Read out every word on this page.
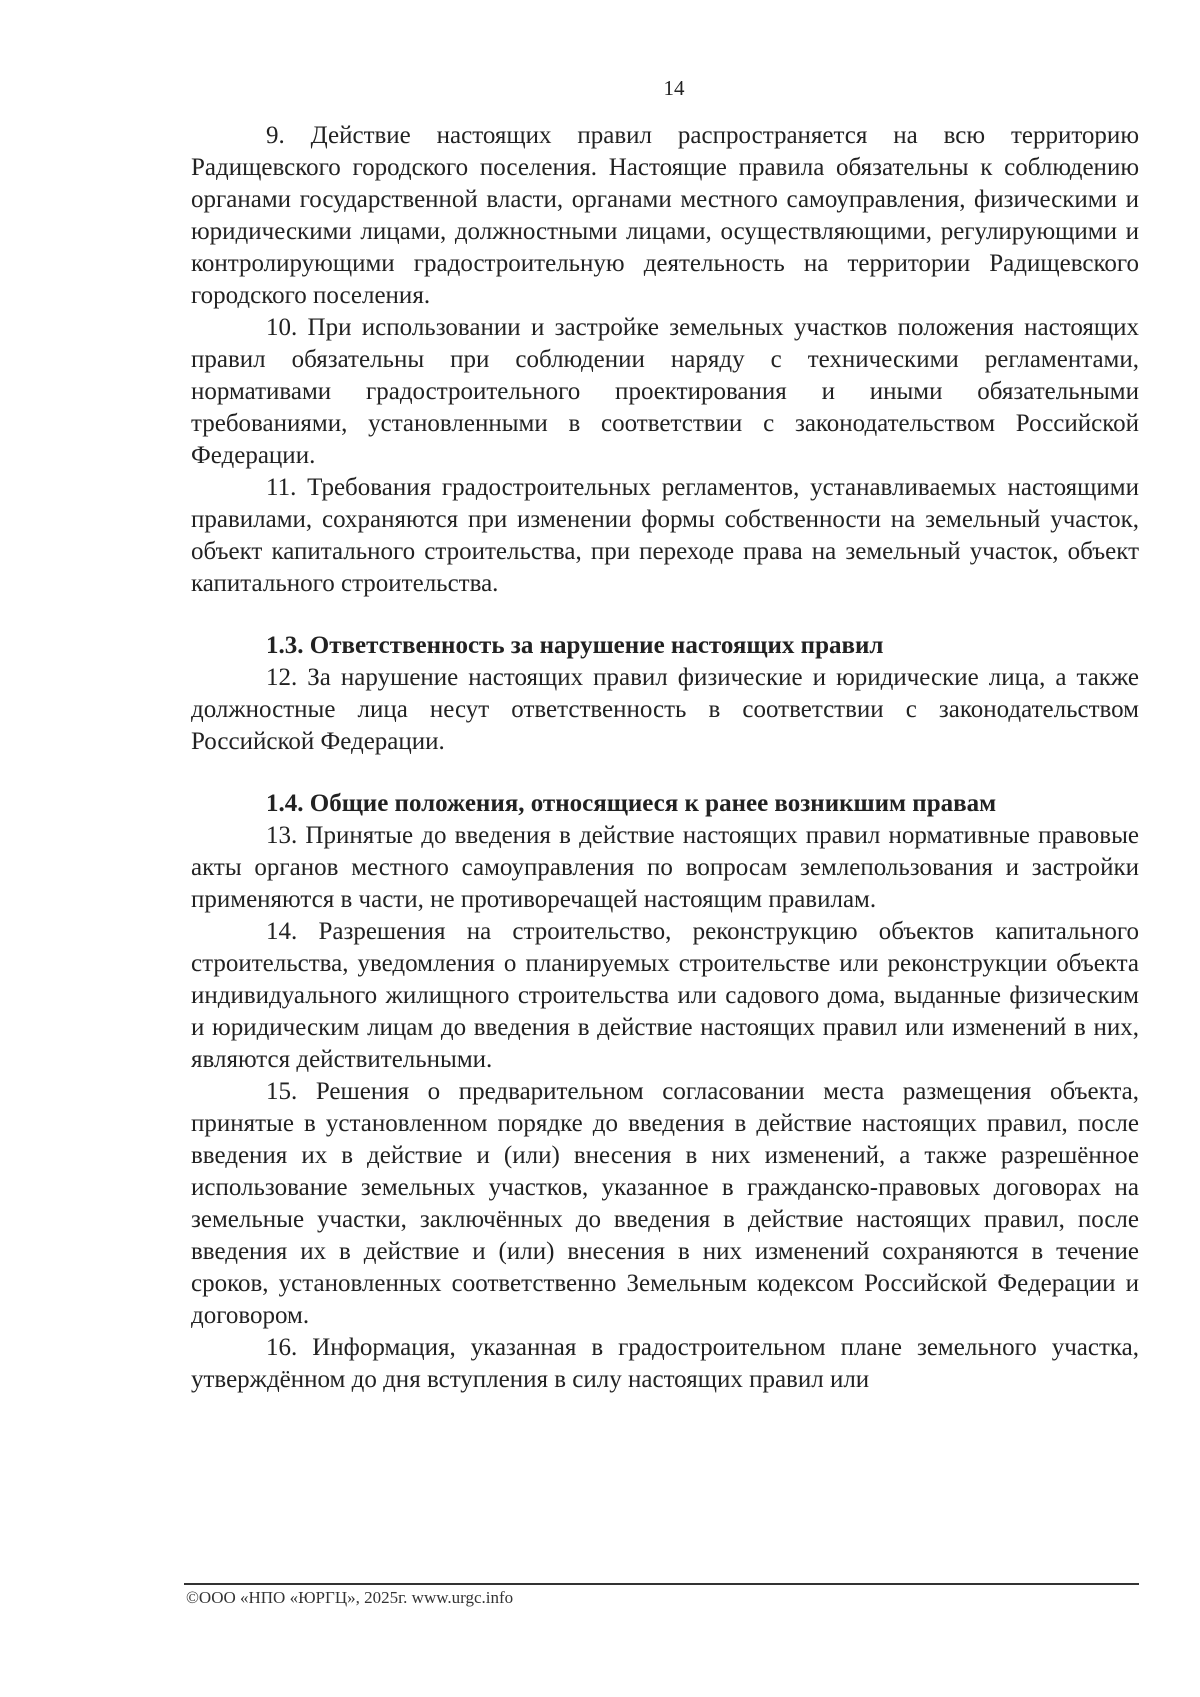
14

9. Действие настоящих правил распространяется на всю территорию Радищевского городского поселения. Настоящие правила обязательны к соблюдению органами государственной власти, органами местного самоуправления, физическими и юридическими лицами, должностными лицами, осуществляющими, регулирующими и контролирующими градостроительную деятельность на территории Радищевского городского поселения.

10. При использовании и застройке земельных участков положения настоящих правил обязательны при соблюдении наряду с техническими регламентами, нормативами градостроительного проектирования и иными обязательными требованиями, установленными в соответствии с законодательством Российской Федерации.

11. Требования градостроительных регламентов, устанавливаемых настоящими правилами, сохраняются при изменении формы собственности на земельный участок, объект капитального строительства, при переходе права на земельный участок, объект капитального строительства.

1.3. Ответственность за нарушение настоящих правил

12. За нарушение настоящих правил физические и юридические лица, а также должностные лица несут ответственность в соответствии с законодательством Российской Федерации.

1.4. Общие положения, относящиеся к ранее возникшим правам

13. Принятые до введения в действие настоящих правил нормативные правовые акты органов местного самоуправления по вопросам землепользования и застройки применяются в части, не противоречащей настоящим правилам.

14. Разрешения на строительство, реконструкцию объектов капитального строительства, уведомления о планируемых строительстве или реконструкции объекта индивидуального жилищного строительства или садового дома, выданные физическим и юридическим лицам до введения в действие настоящих правил или изменений в них, являются действительными.

15. Решения о предварительном согласовании места размещения объекта, принятые в установленном порядке до введения в действие настоящих правил, после введения их в действие и (или) внесения в них изменений, а также разрешённое использование земельных участков, указанное в гражданско-правовых договорах на земельные участки, заключённых до введения в действие настоящих правил, после введения их в действие и (или) внесения в них изменений сохраняются в течение сроков, установленных соответственно Земельным кодексом Российской Федерации и договором.

16. Информация, указанная в градостроительном плане земельного участка, утверждённом до дня вступления в силу настоящих правил или

©ООО «НПО «ЮРГЦ», 2025г. www.urgc.info
